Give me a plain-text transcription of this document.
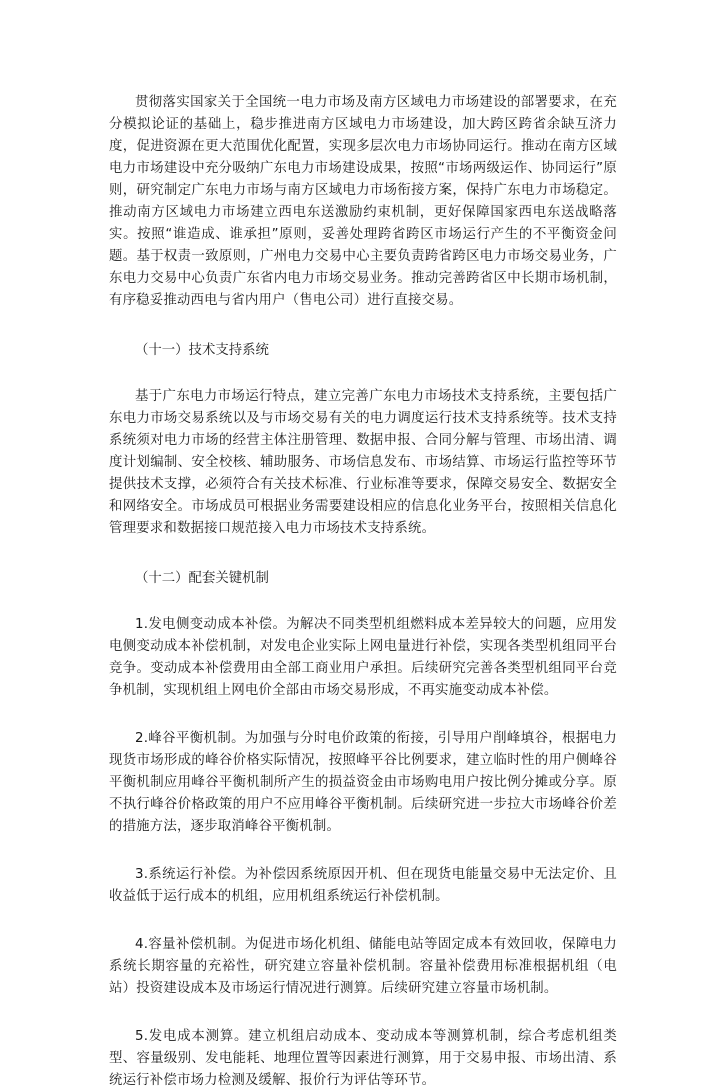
贯彻落实国家关于全国统一电力市场及南方区域电力市场建设的部署要求，在充分模拟论证的基础上，稳步推进南方区域电力市场建设，加大跨区跨省余缺互济力度，促进资源在更大范围优化配置，实现多层次电力市场协同运行。推动在南方区域电力市场建设中充分吸纳广东电力市场建设成果，按照“市场两级运作、协同运行”原则，研究制定广东电力市场与南方区域电力市场衔接方案，保持广东电力市场稳定。推动南方区域电力市场建立西电东送激励约束机制，更好保障国家西电东送战略落实。按照“谁造成、谁承担”原则，妥善处理跨省跨区市场运行产生的不平衡资金问题。基于权责一致原则，广州电力交易中心主要负责跨省跨区电力市场交易业务，广东电力交易中心负责广东省内电力市场交易业务。推动完善跨省区中长期市场机制，有序稳妥推动西电与省内用户（售电公司）进行直接交易。

（十一）技术支持系统

基于广东电力市场运行特点，建立完善广东电力市场技术支持系统，主要包括广东电力市场交易系统以及与市场交易有关的电力调度运行技术支持系统等。技术支持系统须对电力市场的经营主体注册管理、数据申报、合同分解与管理、市场出清、调度计划编制、安全校核、辅助服务、市场信息发布、市场结算、市场运行监控等环节提供技术支撑，必须符合有关技术标准、行业标准等要求，保障交易安全、数据安全和网络安全。市场成员可根据业务需要建设相应的信息化业务平台，按照相关信息化管理要求和数据接口规范接入电力市场技术支持系统。

（十二）配套关键机制

1.发电侧变动成本补偿。为解决不同类型机组燃料成本差异较大的问题，应用发电侧变动成本补偿机制，对发电企业实际上网电量进行补偿，实现各类型机组同平台竞争。变动成本补偿费用由全部工商业用户承担。后续研究完善各类型机组同平台竞争机制，实现机组上网电价全部由市场交易形成，不再实施变动成本补偿。

2.峰谷平衡机制。为加强与分时电价政策的衔接，引导用户削峰填谷，根据电力现货市场形成的峰谷价格实际情况，按照峰平谷比例要求，建立临时性的用户侧峰谷平衡机制应用峰谷平衡机制所产生的损益资金由市场购电用户按比例分摊或分享。原不执行峰谷价格政策的用户不应用峰谷平衡机制。后续研究进一步拉大市场峰谷价差的措施方法，逐步取消峰谷平衡机制。

3.系统运行补偿。为补偿因系统原因开机、但在现货电能量交易中无法定价、且收益低于运行成本的机组，应用机组系统运行补偿机制。

4.容量补偿机制。为促进市场化机组、储能电站等固定成本有效回收，保障电力系统长期容量的充裕性，研究建立容量补偿机制。容量补偿费用标准根据机组（电站）投资建设成本及市场运行情况进行测算。后续研究建立容量市场机制。

5.发电成本测算。建立机组启动成本、变动成本等测算机制，综合考虑机组类型、容量级别、发电能耗、地理位置等因素进行测算，用于交易申报、市场出清、系统运行补偿市场力检测及缓解、报价行为评估等环节。
